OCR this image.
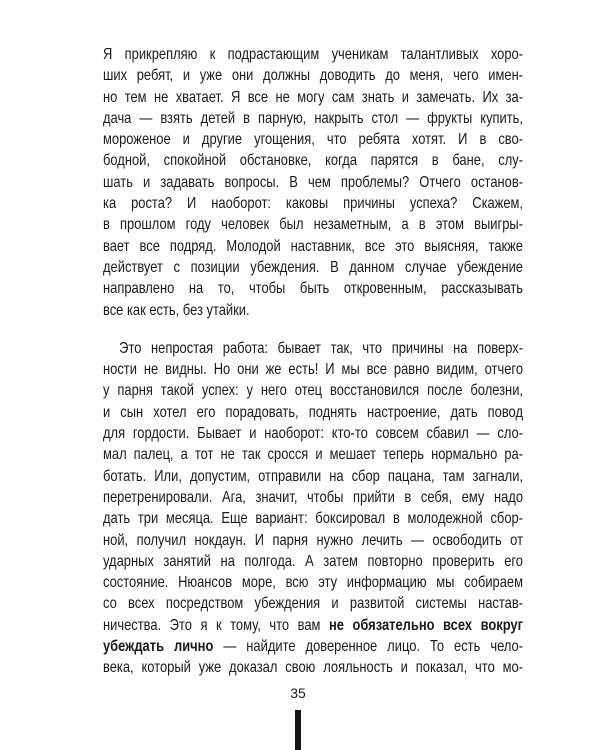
Я прикрепляю к подрастающим ученикам талантливых хоро-
ших ребят, и уже они должны доводить до меня, чего имен-
но тем не хватает. Я все не могу сам знать и замечать. Их за-
дача — взять детей в парную, накрыть стол — фрукты купить,
мороженое и другие угощения, что ребята хотят. И в сво-
бодной, спокойной обстановке, когда парятся в бане, слу-
шать и задавать вопросы. В чем проблемы? Отчего останов-
ка роста? И наоборот: каковы причины успеха? Скажем,
в прошлом году человек был незаметным, а в этом выигры-
вает все подряд. Молодой наставник, все это выясняя, также
действует с позиции убеждения. В данном случае убеждение
направлено на то, чтобы быть откровенным, рассказывать
все как есть, без утайки.
Это непростая работа: бывает так, что причины на поверх-
ности не видны. Но они же есть! И мы все равно видим, отчего
у парня такой успех: у него отец восстановился после болезни,
и сын хотел его порадовать, поднять настроение, дать повод
для гордости. Бывает и наоборот: кто-то совсем сбавил — сло-
мал палец, а тот не так сросся и мешает теперь нормально ра-
ботать. Или, допустим, отправили на сбор пацана, там загнали,
перетренировали. Ага, значит, чтобы прийти в себя, ему надо
дать три месяца. Еще вариант: боксировал в молодежной сбор-
ной, получил нокдаун. И парня нужно лечить — освободить от
ударных занятий на полгода. А затем повторно проверить его
состояние. Нюансов море, всю эту информацию мы собираем
со всех посредством убеждения и развитой системы настав-
ничества. Это я к тому, что вам не обязательно всех вокруг
убеждать лично — найдите доверенное лицо. То есть чело-
века, который уже доказал свою лояльность и показал, что мо-
35
